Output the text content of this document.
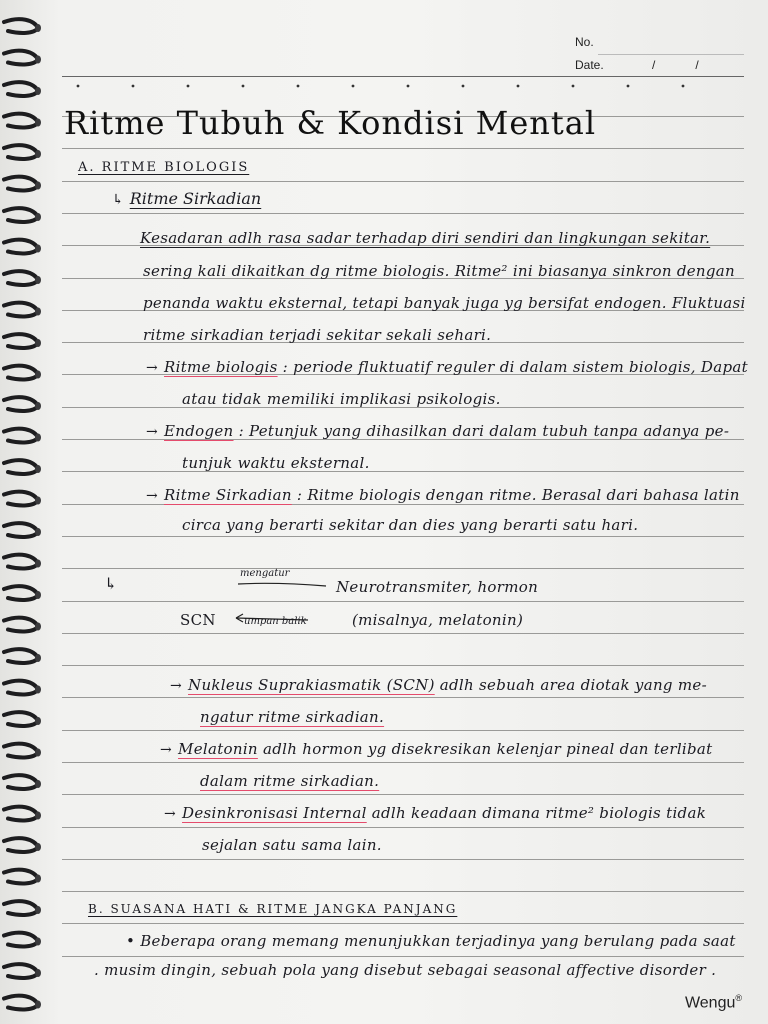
No.
Date.	/            /
Ritme Tubuh & Kondisi Mental
A. RITME BIOLOGIS
↳ Ritme Sirkadian
Kesadaran adlh rasa sadar terhadap diri sendiri dan lingkungan sekitar.
sering kali dikaitkan dg ritme biologis. Ritme² ini biasanya sinkron dengan
penanda waktu eksternal, tetapi banyak juga yg bersifat endogen. Fluktuasi
ritme sirkadian terjadi sekitar sekali sehari.
→ Ritme biologis : periode fluktuatif reguler di dalam sistem biologis, Dapat
atau tidak memiliki implikasi psikologis.
→ Endogen : Petunjuk yang dihasilkan dari dalam tubuh tanpa adanya pe-
tunjuk waktu eksternal.
→ Ritme Sirkadian : Ritme biologis dengan ritme. Berasal dari bahasa latin
circa yang berarti sekitar dan dies yang berarti satu hari.
↳
mengatur
Neurotransmiter, hormon
SCN	umpan balik	(misalnya, melatonin)
→ Nukleus Suprakiasmatik (SCN) adlh sebuah area diotak yang me-
ngatur ritme sirkadian.
→ Melatonin adlh hormon yg disekresikan kelenjar pineal dan terlibat
dalam ritme sirkadian.
→ Desinkronisasi Internal adlh keadaan dimana ritme² biologis tidak
sejalan satu sama lain.
B. SUASANA HATI & RITME JANGKA PANJANG
• Beberapa orang memang menunjukkan terjadinya yang berulang pada saat
. musim dingin, sebuah pola yang disebut sebagai seasonal affective disorder .
Wengu®
